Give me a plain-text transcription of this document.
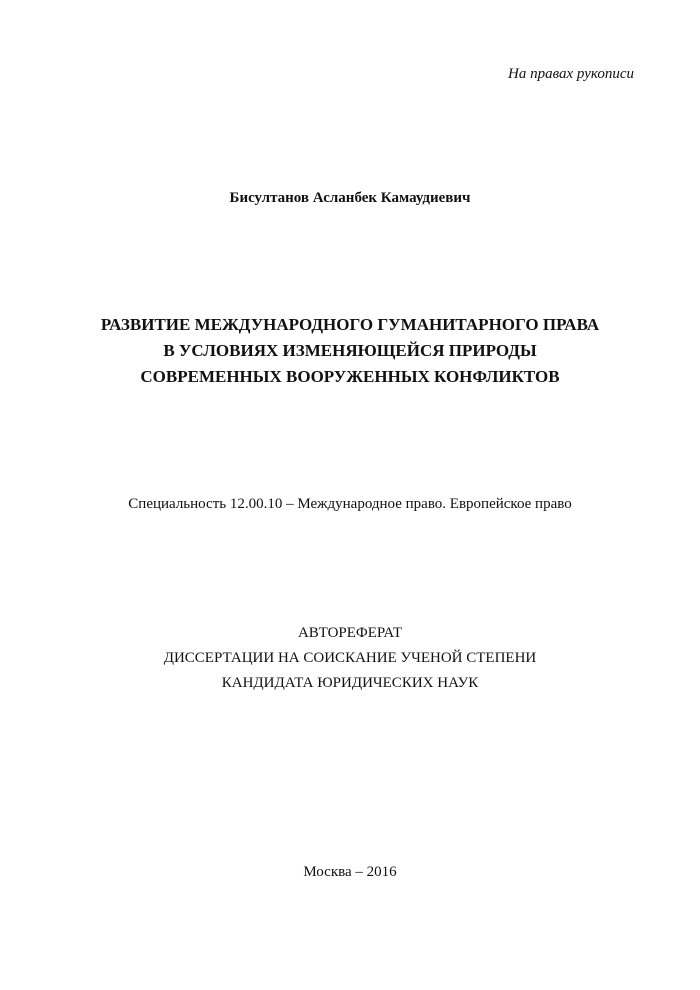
На правах рукописи
Бисултанов Асланбек Камаудиевич
РАЗВИТИЕ МЕЖДУНАРОДНОГО ГУМАНИТАРНОГО ПРАВА
В УСЛОВИЯХ ИЗМЕНЯЮЩЕЙСЯ ПРИРОДЫ
СОВРЕМЕННЫХ ВООРУЖЕННЫХ КОНФЛИКТОВ
Специальность 12.00.10 – Международное право. Европейское право
АВТОРЕФЕРАТ
ДИССЕРТАЦИИ НА СОИСКАНИЕ УЧЕНОЙ СТЕПЕНИ
КАНДИДАТА ЮРИДИЧЕСКИХ НАУК
Москва – 2016
